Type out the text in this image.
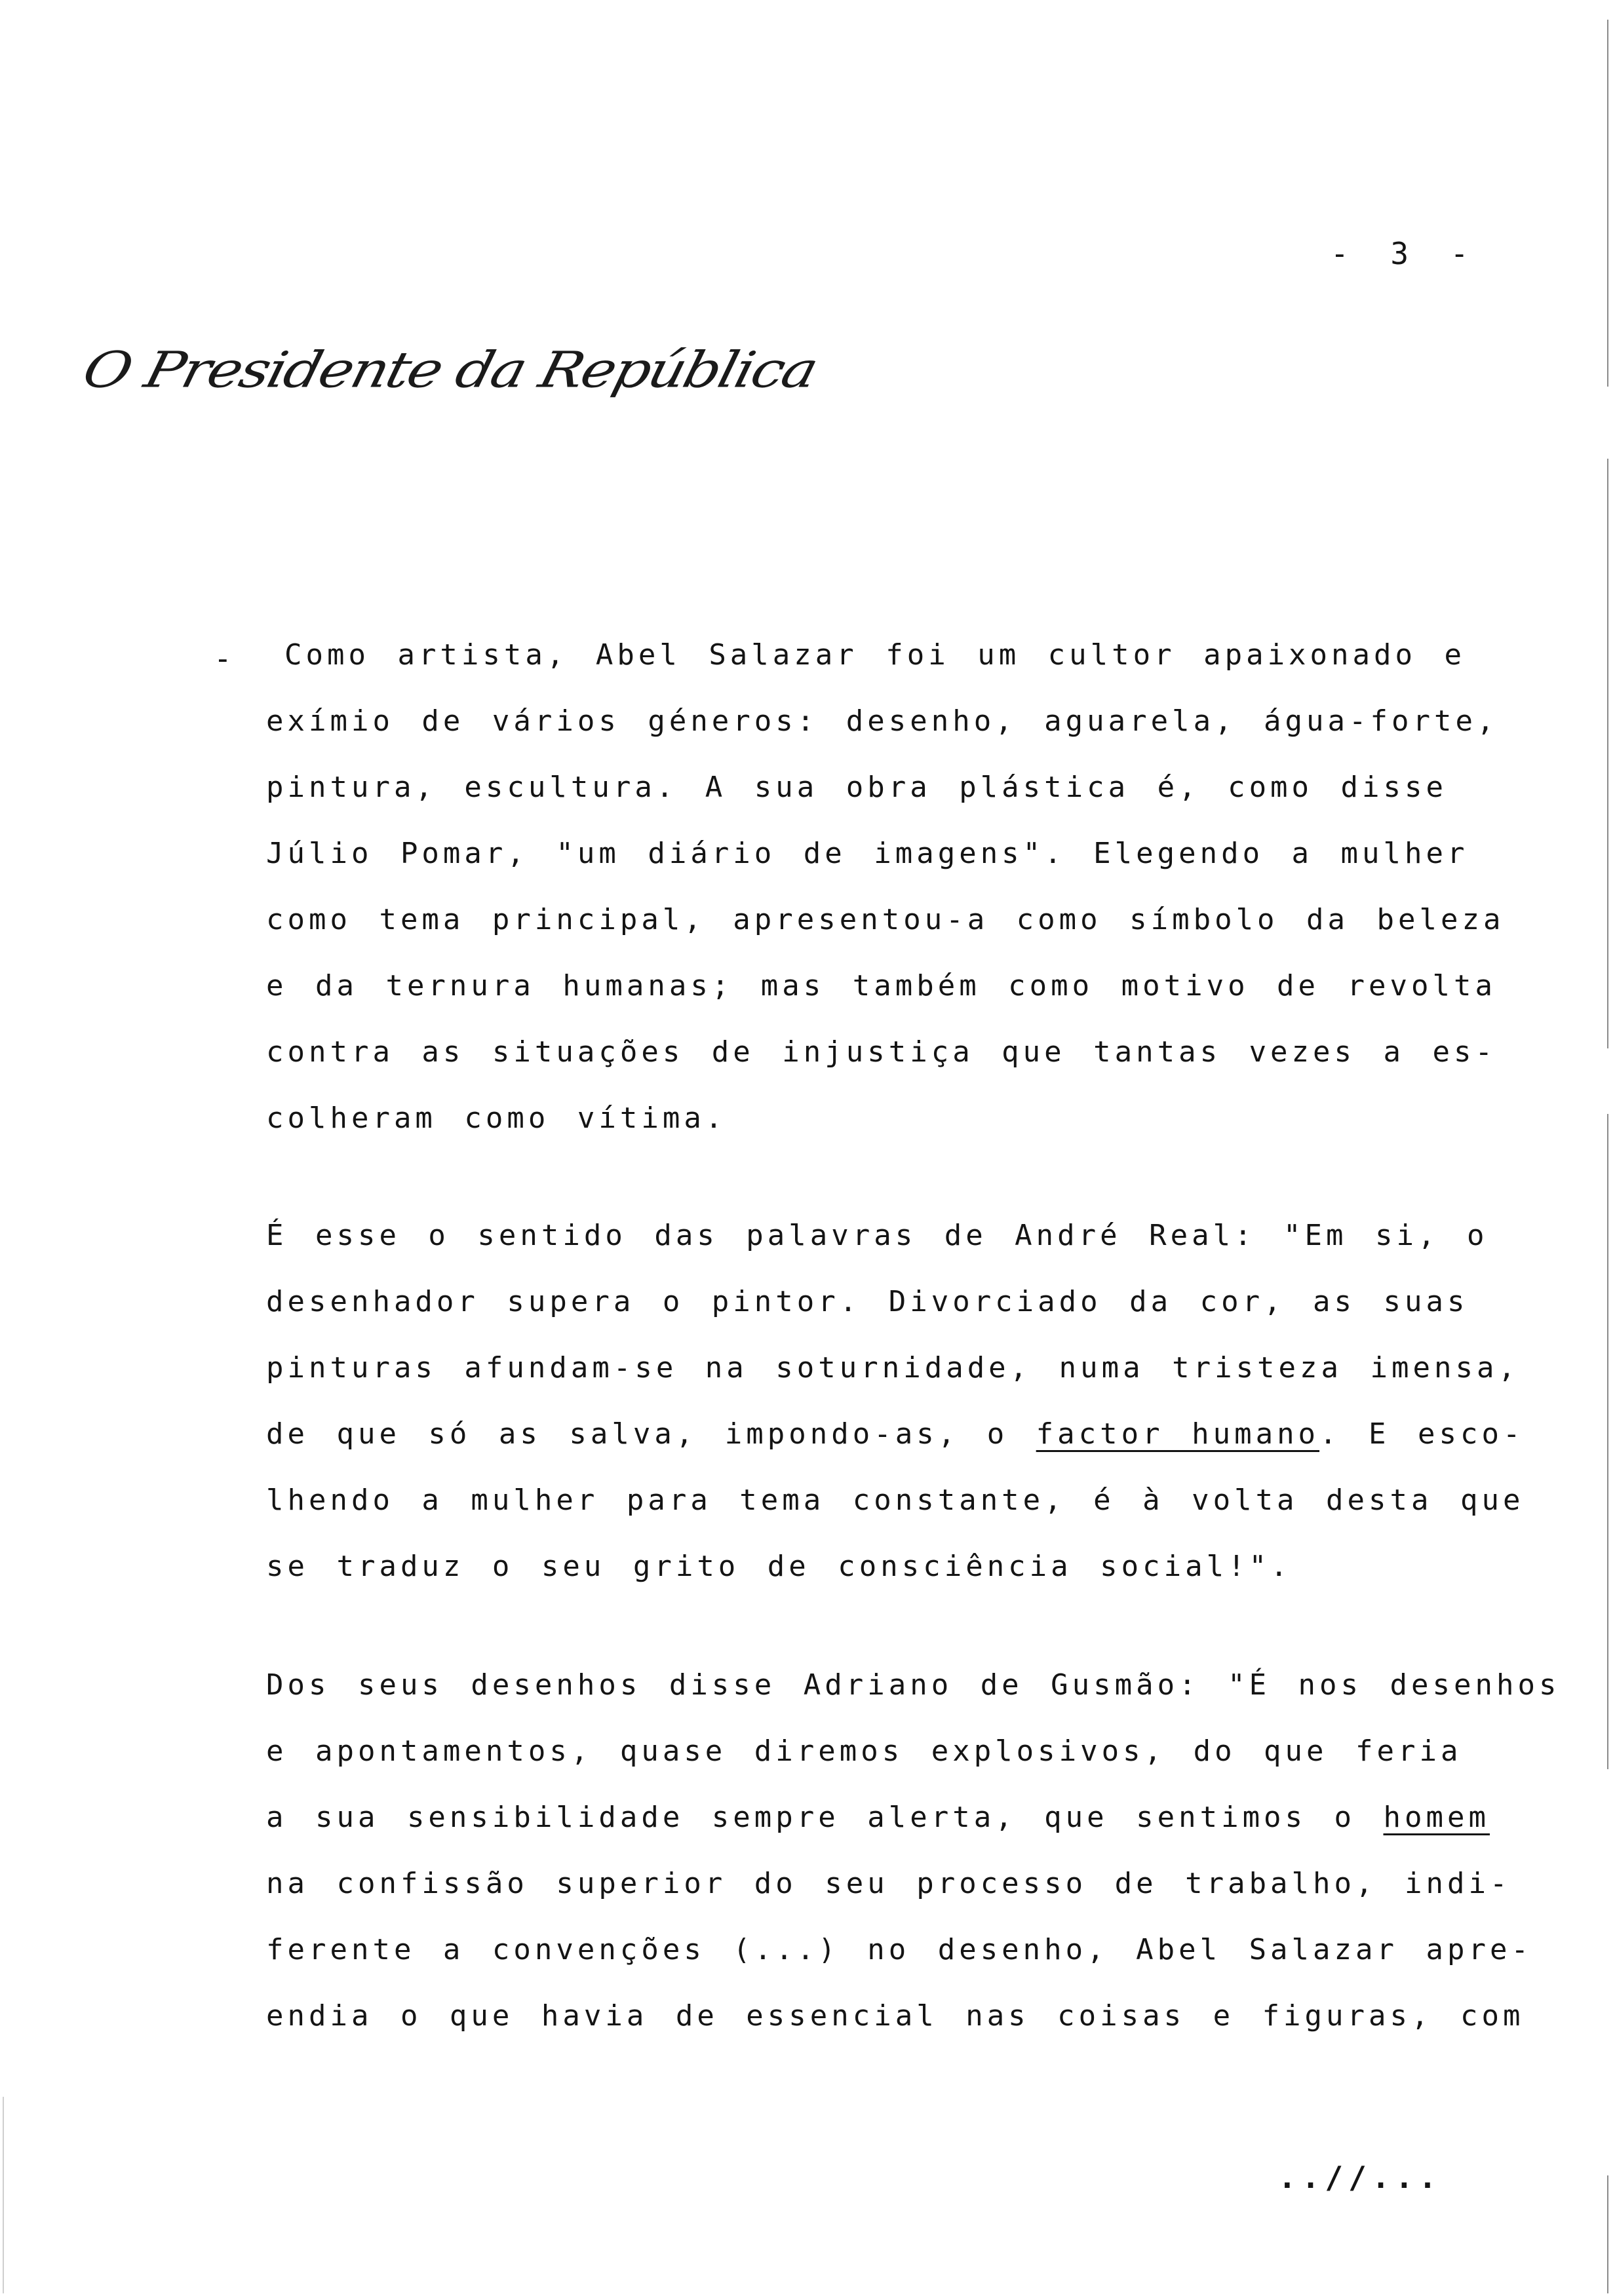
- 3 -
O Presidente da República
-	Como artista, Abel Salazar foi um cultor apaixonado e
exímio de vários géneros: desenho, aguarela, água-forte,
pintura, escultura. A sua obra plástica é, como disse
Júlio Pomar, "um diário de imagens". Elegendo a mulher
como tema principal, apresentou-a como símbolo da beleza
e da ternura humanas; mas também como motivo de revolta
contra as situações de injustiça que tantas vezes a es-
colheram como vítima.
É esse o sentido das palavras de André Real: "Em si, o
desenhador supera o pintor. Divorciado da cor, as suas
pinturas afundam-se na soturnidade, numa tristeza imensa,
de que só as salva, impondo-as, o factor humano. E esco-
lhendo a mulher para tema constante, é à volta desta que
se traduz o seu grito de consciência social!".
Dos seus desenhos disse Adriano de Gusmão: "É nos desenhos
e apontamentos, quase diremos explosivos, do que feria
a sua sensibilidade sempre alerta, que sentimos o homem
na confissão superior do seu processo de trabalho, indi-
ferente a convenções (...) no desenho, Abel Salazar apre-
endia o que havia de essencial nas coisas e figuras, com
..//...
